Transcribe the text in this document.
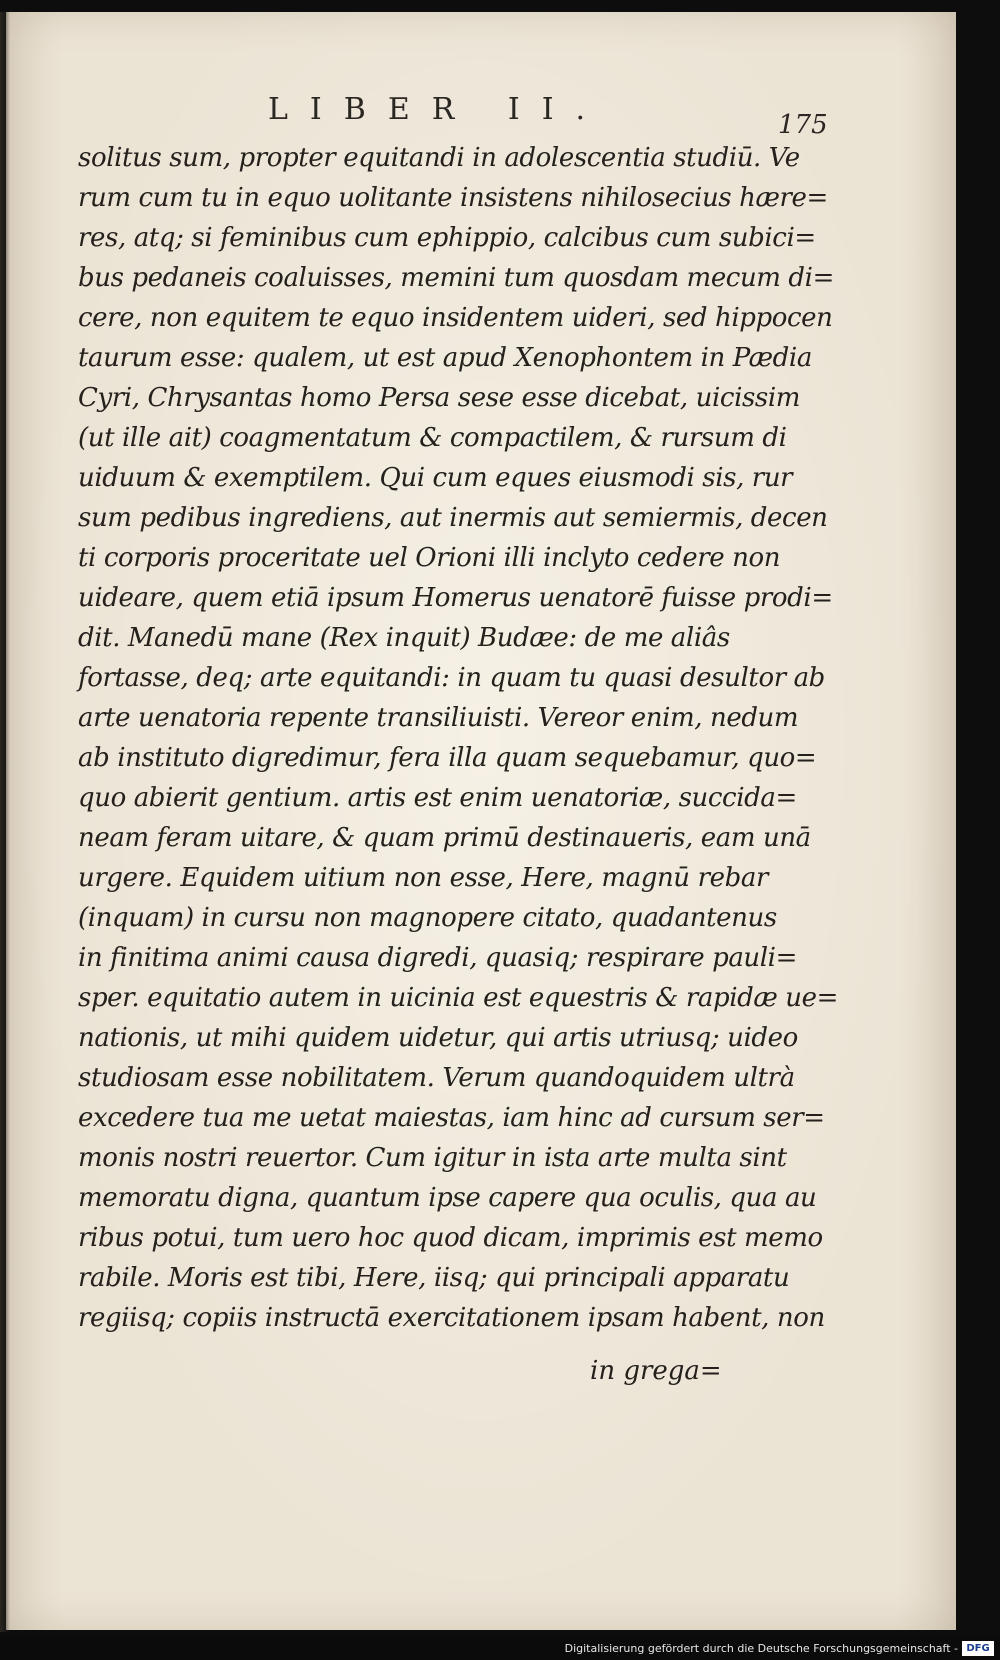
LIBER II.	175
solitus sum, propter equitandi in adolescentia studiū. Ve
rum cum tu in equo uolitante insistens nihilosecius hære=
res, atq; si feminibus cum ephippio, calcibus cum subici=
bus pedaneis coaluisses, memini tum quosdam mecum di=
cere, non equitem te equo insidentem uideri, sed hippocen
taurum esse: qualem, ut est apud Xenophontem in Pædia
Cyri, Chrysantas homo Persa sese esse dicebat, uicissim
(ut ille ait) coagmentatum & compactilem, & rursum di
uiduum & exemptilem. Qui cum eques eiusmodi sis, rur
sum pedibus ingrediens, aut inermis aut semiermis, decen
ti corporis proceritate uel Orioni illi inclyto cedere non
uideare, quem etiā ipsum Homerus uenatorē fuisse prodi=
dit. Manedū mane (Rex inquit) Budæe: de me aliâs
fortasse, deq; arte equitandi: in quam tu quasi desultor ab
arte uenatoria repente transiliuisti. Vereor enim, nedum
ab instituto digredimur, fera illa quam sequebamur, quo=
quo abierit gentium. artis est enim uenatoriæ, succida=
neam feram uitare, & quam primū destinaueris, eam unā
urgere. Equidem uitium non esse, Here, magnū rebar
(inquam) in cursu non magnopere citato, quadantenus
in finitima animi causa digredi, quasiq; respirare pauli=
sper. equitatio autem in uicinia est equestris & rapidæ ue=
nationis, ut mihi quidem uidetur, qui artis utriusq; uideo
studiosam esse nobilitatem. Verum quandoquidem ultrà
excedere tua me uetat maiestas, iam hinc ad cursum ser=
monis nostri reuertor. Cum igitur in ista arte multa sint
memoratu digna, quantum ipse capere qua oculis, qua au
ribus potui, tum uero hoc quod dicam, imprimis est memo
rabile. Moris est tibi, Here, iisq; qui principali apparatu
regiisq; copiis instructā exercitationem ipsam habent, non
in grega=
Digitalisierung gefördert durch die Deutsche Forschungsgemeinschaft - DFG
